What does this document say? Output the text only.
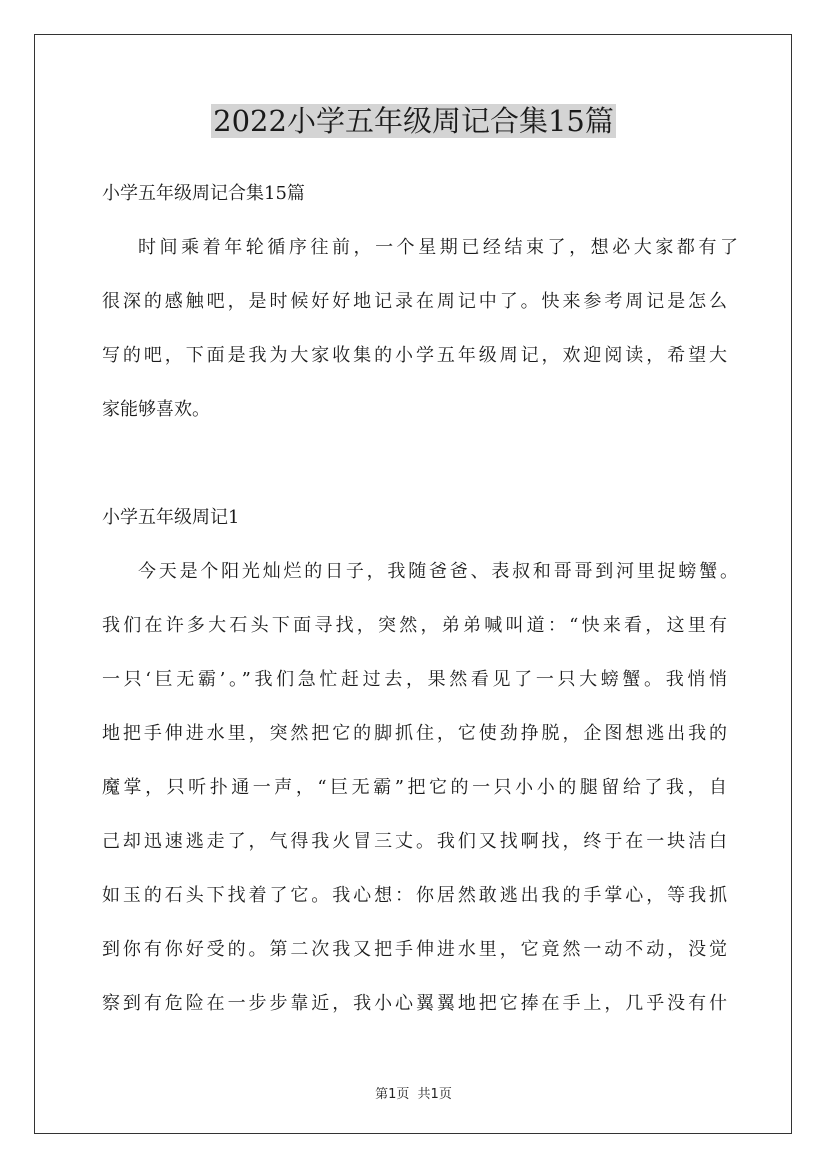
2022小学五年级周记合集15篇
小学五年级周记合集15篇
时间乘着年轮循序往前，一个星期已经结束了，想必大家都有了
很深的感触吧，是时候好好地记录在周记中了。快来参考周记是怎么
写的吧，下面是我为大家收集的小学五年级周记，欢迎阅读，希望大
家能够喜欢。
小学五年级周记1
今天是个阳光灿烂的日子，我随爸爸、表叔和哥哥到河里捉螃蟹。
我们在许多大石头下面寻找，突然，弟弟喊叫道：“快来看，这里有
一只‘巨无霸’。”我们急忙赶过去，果然看见了一只大螃蟹。我悄悄
地把手伸进水里，突然把它的脚抓住，它使劲挣脱，企图想逃出我的
魔掌，只听扑通一声，“巨无霸”把它的一只小小的腿留给了我，自
己却迅速逃走了，气得我火冒三丈。我们又找啊找，终于在一块洁白
如玉的石头下找着了它。我心想：你居然敢逃出我的手掌心，等我抓
到你有你好受的。第二次我又把手伸进水里，它竟然一动不动，没觉
察到有危险在一步步靠近，我小心翼翼地把它捧在手上，几乎没有什
第1页 共1页
